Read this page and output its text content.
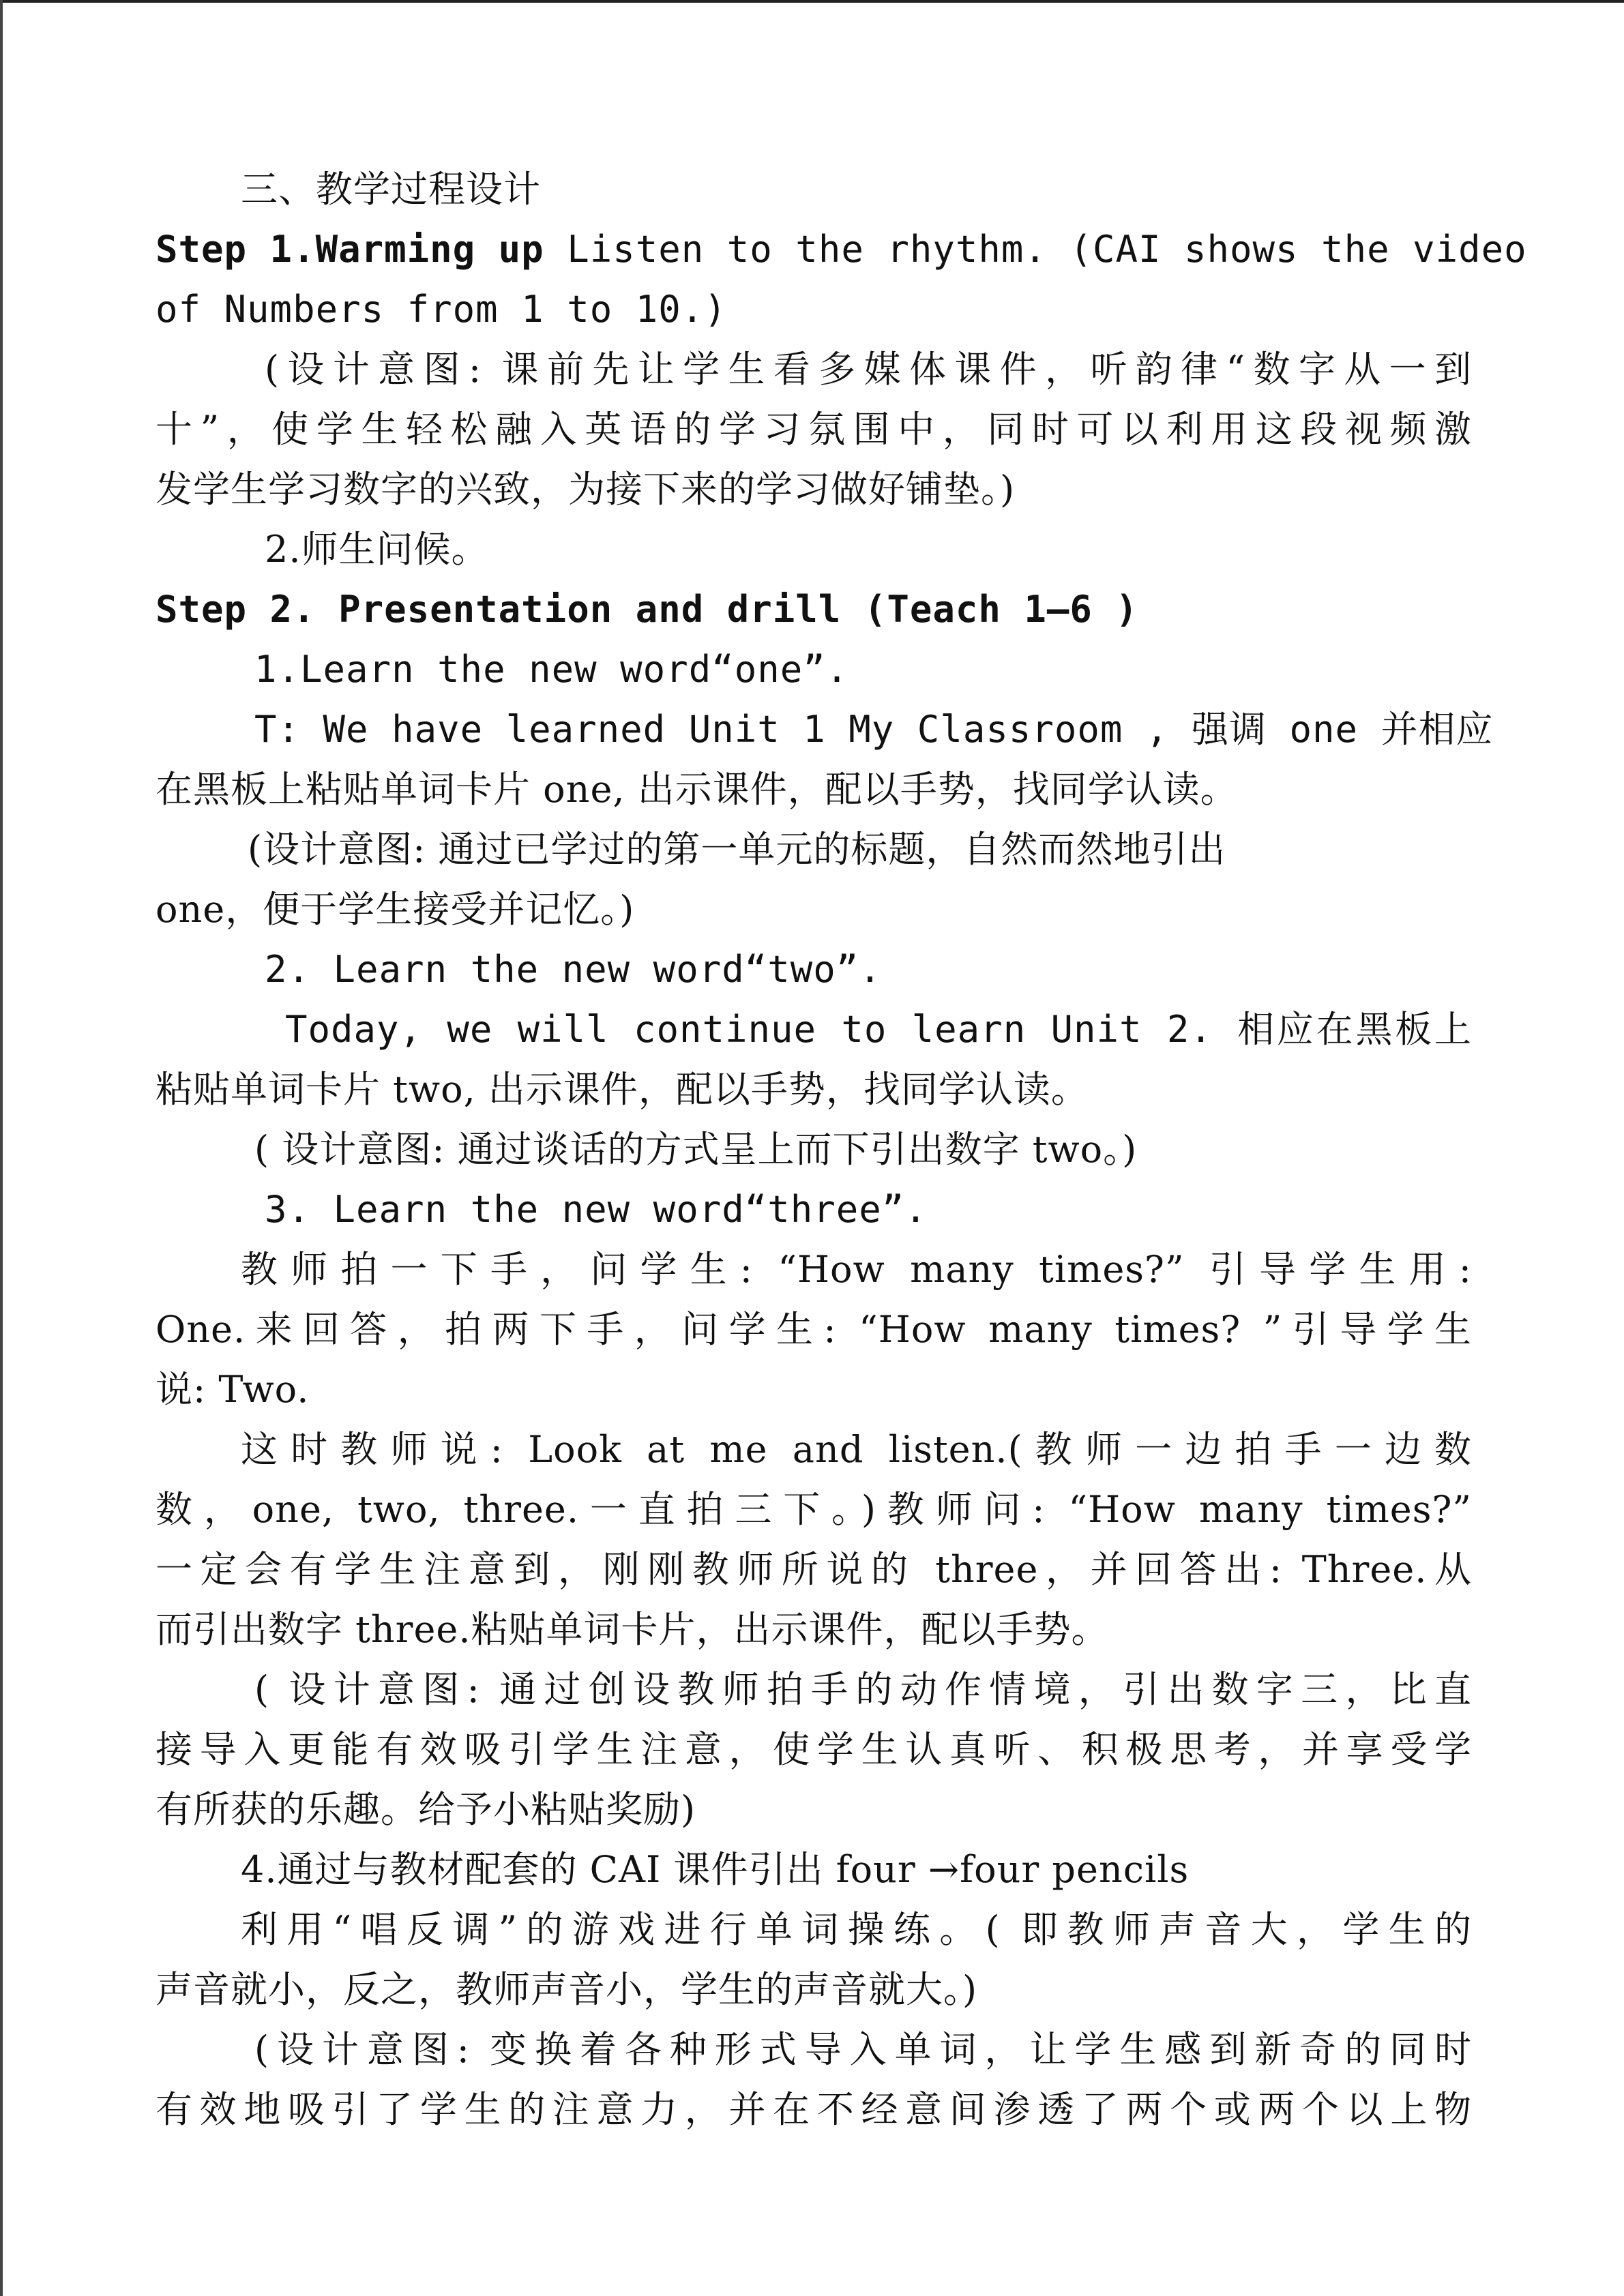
三、教学过程设计
Step 1.Warming up Listen to the rhythm. (CAI shows the video
of Numbers from 1 to 10.)
(设计意图: 课前先让学生看多媒体课件，听韵律“数字从一到
十”，使学生轻松融入英语的学习氛围中，同时可以利用这段视频激
发学生学习数字的兴致，为接下来的学习做好铺垫。)
2.师生问候。
Step 2. Presentation and drill (Teach 1—6 )
1.Learn the new word“one”.
T: We have learned Unit 1 My Classroom , 强调 one 并相应
在黑板上粘贴单词卡片 one, 出示课件，配以手势，找同学认读。
(设计意图: 通过已学过的第一单元的标题，自然而然地引出
one，便于学生接受并记忆。)
2. Learn the new word“two”.
Today, we will continue to learn Unit 2. 相应在黑板上
粘贴单词卡片 two, 出示课件，配以手势，找同学认读。
( 设计意图: 通过谈话的方式呈上而下引出数字 two。)
3. Learn the new word“three”.
教师拍一下手，问学生: “How many times?” 引导学生用:
One.来回答，拍两下手，问学生: “How many times? ”引导学生
说: Two.
这时教师说: Look at me and listen.(教师一边拍手一边数
数，one, two, three.一直拍三下。)教师问: “How many times?”
一定会有学生注意到，刚刚教师所说的 three，并回答出: Three.从
而引出数字 three.粘贴单词卡片，出示课件，配以手势。
( 设计意图: 通过创设教师拍手的动作情境，引出数字三，比直
接导入更能有效吸引学生注意，使学生认真听、积极思考，并享受学
有所获的乐趣。给予小粘贴奖励)
4.通过与教材配套的 CAI 课件引出 four →four pencils
利用“唱反调”的游戏进行单词操练。( 即教师声音大，学生的
声音就小，反之，教师声音小，学生的声音就大。)
(设计意图: 变换着各种形式导入单词，让学生感到新奇的同时
有效地吸引了学生的注意力，并在不经意间渗透了两个或两个以上物
